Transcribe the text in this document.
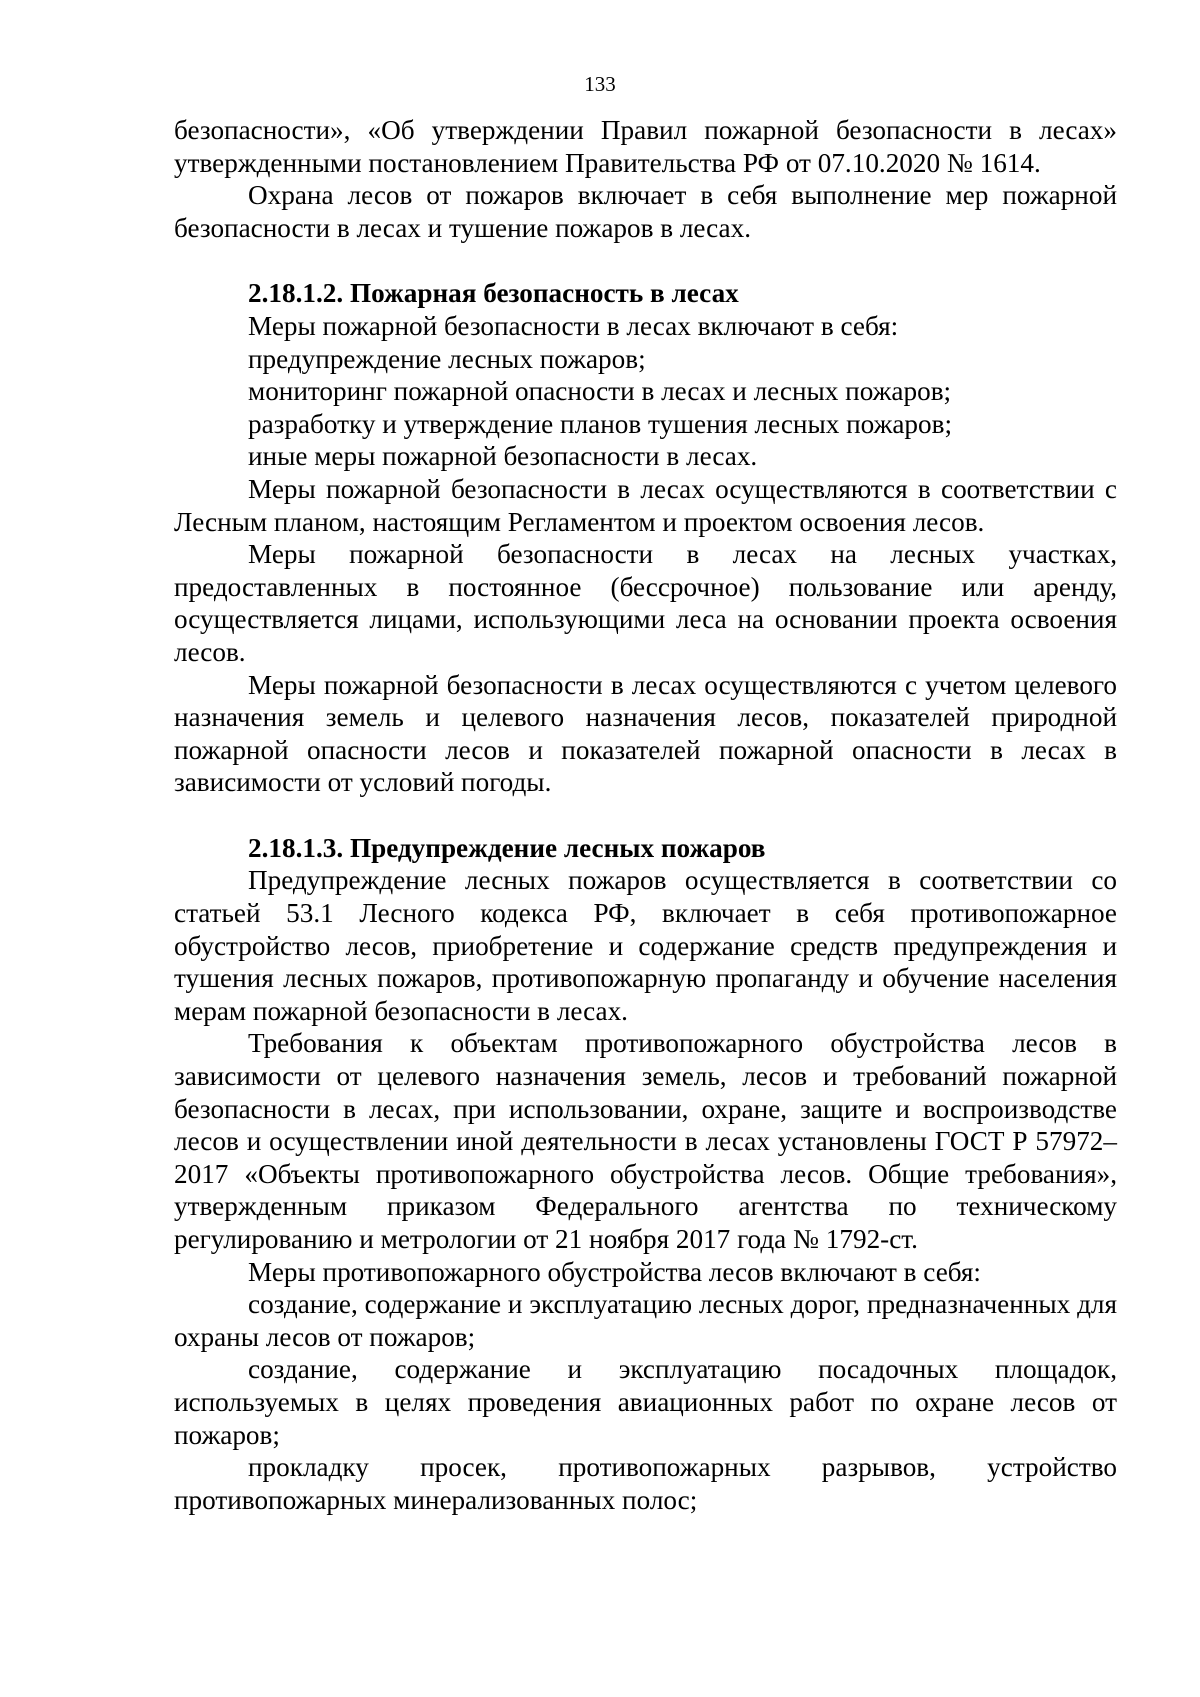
133

безопасности», «Об утверждении Правил пожарной безопасности в лесах» утвержденными постановлением Правительства РФ от 07.10.2020 № 1614.

Охрана лесов от пожаров включает в себя выполнение мер пожарной безопасности в лесах и тушение пожаров в лесах.

2.18.1.2. Пожарная безопасность в лесах

Меры пожарной безопасности в лесах включают в себя:

предупреждение лесных пожаров;

мониторинг пожарной опасности в лесах и лесных пожаров;

разработку и утверждение планов тушения лесных пожаров;

иные меры пожарной безопасности в лесах.

Меры пожарной безопасности в лесах осуществляются в соответствии с Лесным планом, настоящим Регламентом и проектом освоения лесов.

Меры пожарной безопасности в лесах на лесных участках, предоставленных в постоянное (бессрочное) пользование или аренду, осуществляется лицами, использующими леса на основании проекта освоения лесов.

Меры пожарной безопасности в лесах осуществляются с учетом целевого назначения земель и целевого назначения лесов, показателей природной пожарной опасности лесов и показателей пожарной опасности в лесах в зависимости от условий погоды.

2.18.1.3. Предупреждение лесных пожаров

Предупреждение лесных пожаров осуществляется в соответствии со статьей 53.1 Лесного кодекса РФ, включает в себя противопожарное обустройство лесов, приобретение и содержание средств предупреждения и тушения лесных пожаров, противопожарную пропаганду и обучение населения мерам пожарной безопасности в лесах.

Требования к объектам противопожарного обустройства лесов в зависимости от целевого назначения земель, лесов и требований пожарной безопасности в лесах, при использовании, охране, защите и воспроизводстве лесов и осуществлении иной деятельности в лесах установлены ГОСТ Р 57972–2017 «Объекты противопожарного обустройства лесов. Общие требования», утвержденным приказом Федерального агентства по техническому регулированию и метрологии от 21 ноября 2017 года № 1792-ст.

Меры противопожарного обустройства лесов включают в себя:

создание, содержание и эксплуатацию лесных дорог, предназначенных для охраны лесов от пожаров;

создание, содержание и эксплуатацию посадочных площадок, используемых в целях проведения авиационных работ по охране лесов от пожаров;

прокладку просек, противопожарных разрывов, устройство противопожарных минерализованных полос;
